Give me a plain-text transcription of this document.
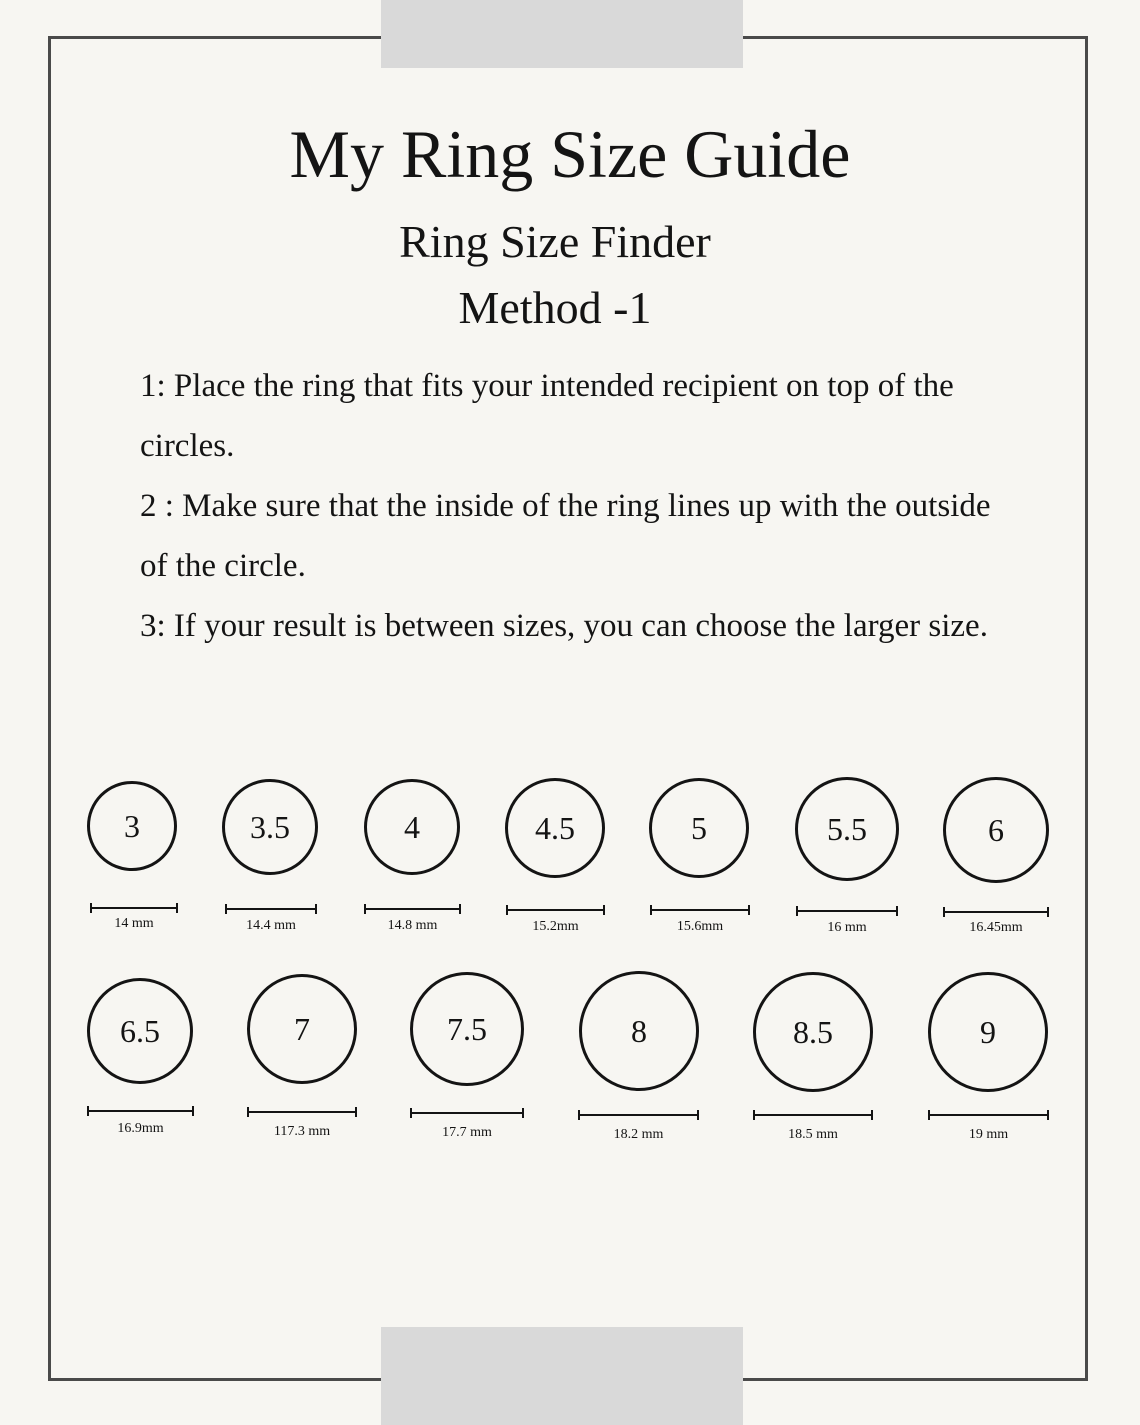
My Ring Size Guide
Ring Size Finder
Method -1

1: Place the ring that fits your intended recipient on top of the circles.

2 : Make sure that the inside of the ring lines up with the outside of the circle.

3: If your result is between sizes, you can choose the larger size.

3
14 mm
3.5
14.4 mm
4
14.8 mm
4.5
15.2mm
5
15.6mm
5.5
16 mm
6
16.45mm
6.5
16.9mm
7
117.3 mm
7.5
17.7 mm
8
18.2 mm
8.5
18.5 mm
9
19 mm
